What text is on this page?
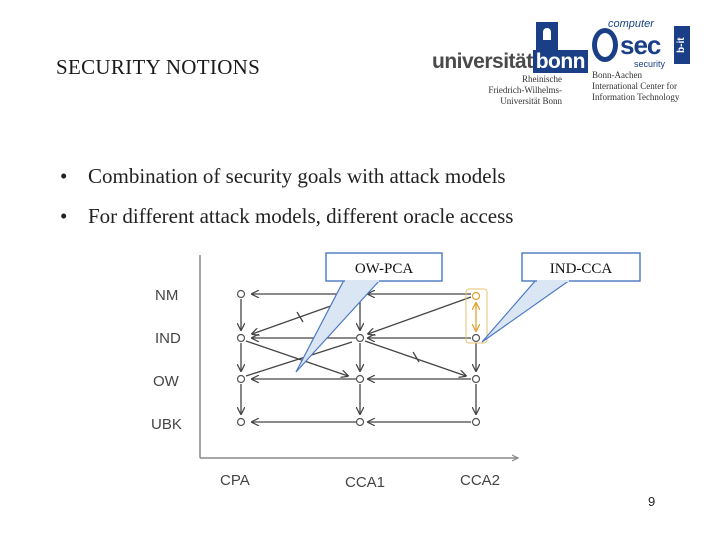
SECURITY NOTIONS	universität bonn
Rheinische
Friedrich-Wilhelms-
Universität Bonn
computer
sec b-it
security
Bonn-Aachen
International Center for
Information Technology
• Combination of security goals with attack models
• For different attack models, different oracle access
NM
IND
OW
UBK
CPA	CCA1	CCA2
OW-PCA	IND-CCA
9
